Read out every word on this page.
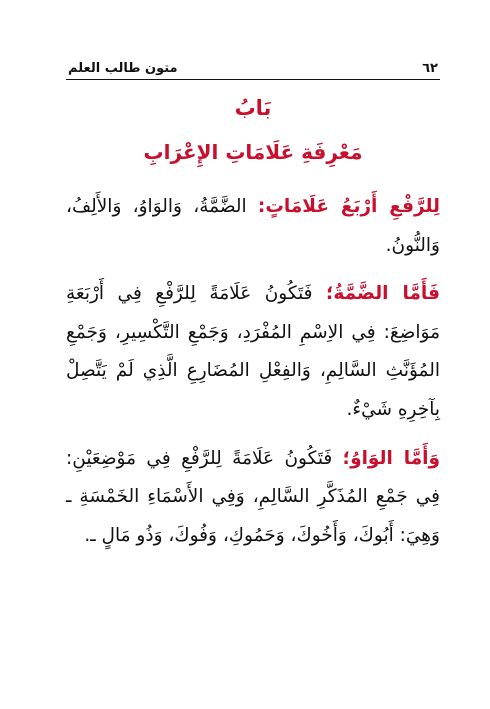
٦٢
متون طالب العلم
بَابُ
مَعْرِفَةِ عَلَامَاتِ الإِعْرَابِ

لِلرَّفْعِ أَرْبَعُ عَلَامَاتٍ: الضَّمَّةُ، وَالوَاوُ، وَالأَلِفُ، وَالنُّونُ.

فَأَمَّا الضَّمَّةُ؛ فَتَكُونُ عَلَامَةً لِلرَّفْعِ فِي أَرْبَعَةِ مَوَاضِعَ: فِي الاِسْمِ المُفْرَدِ، وَجَمْعِ التَّكْسِيرِ، وَجَمْعِ المُؤَنَّثِ السَّالِمِ، وَالفِعْلِ المُضَارِعِ الَّذِي لَمْ يَتَّصِلْ بِآخِرِهِ شَيْءٌ.

وَأَمَّا الوَاوُ؛ فَتَكُونُ عَلَامَةً لِلرَّفْعِ فِي مَوْضِعَيْنِ: فِي جَمْعِ المُذَكَّرِ السَّالِمِ، وَفِي الأَسْمَاءِ الخَمْسَةِ ـ وَهِيَ: أَبُوكَ، وَأَخُوكَ، وَحَمُوكِ، وَفُوكَ، وَذُو مَالٍ ـ.
